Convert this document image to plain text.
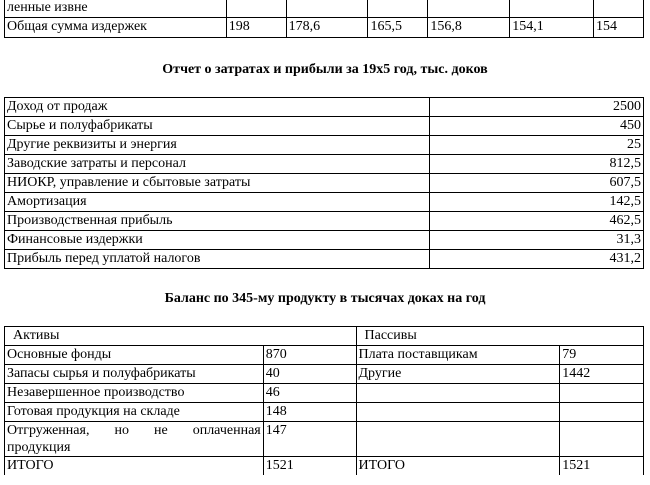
ленные извне						
Общая сумма издержек	198	178,6	165,5	156,8	154,1	154
Отчет о затратах и прибыли за 19х5 год, тыс. доков
Доход от продаж	2500
Сырье и полуфабрикаты	450
Другие реквизиты и энергия	25
Заводские затраты и персонал	812,5
НИОКР, управление и сбытовые затраты	607,5
Амортизация	142,5
Производственная прибыль	462,5
Финансовые издержки	31,3
Прибыль перед уплатой налогов	431,2
Баланс по 345-му продукту в тысячах доках на год
Активы		Пассивы	
Основные фонды	870	Плата поставщикам	79
Запасы сырья и полуфабрикаты	40	Другие	1442
Незавершенное производство	46		
Готовая продукция на складе	148		
Отгруженная, но не оплаченная продукция	147		
ИТОГО	1521	ИТОГО	1521
